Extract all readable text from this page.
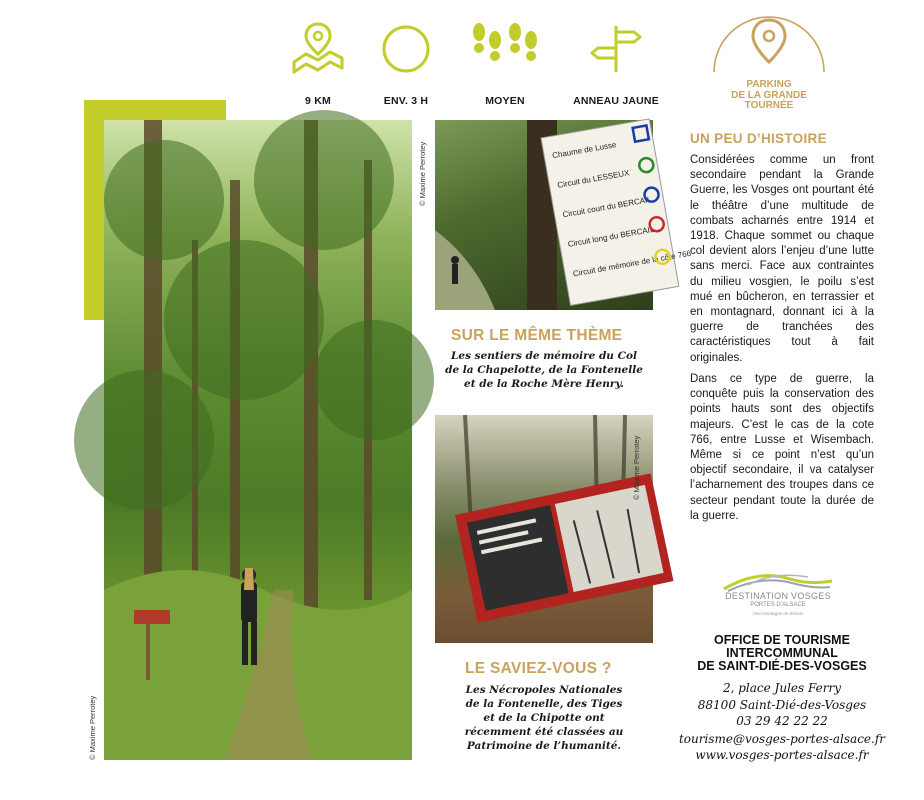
9 KM	ENV. 3 H	MOYEN	ANNEAU JAUNE
PARKING
DE LA GRANDE
TOURNÉE
© Maxime Perrotey
Chaume de Lusse
Circuit du LESSEUX
Circuit court du BERCAIL
Circuit long du BERCAIL
Circuit de mémoire de la côte 766
© Maxime Perrotey
SUR LE MÊME THÈME
Les sentiers de mémoire du Col
de la Chapelotte, de la Fontenelle
et de la Roche Mère Henry.
© Maxime Perrotey
LE SAVIEZ-VOUS ?
Les Nécropoles Nationales
de la Fontenelle, des Tiges
et de la Chipotte ont
récemment été classées au
Patrimoine de l’humanité.
UN PEU D’HISTOIRE

Considérées comme un front secondaire pendant la Grande Guerre, les Vosges ont pourtant été le théâtre d’une multitude de combats acharnés entre 1914 et 1918. Chaque sommet ou chaque col devient alors l’enjeu d’une lutte sans merci. Face aux contraintes du milieu vosgien, le poilu s’est mué en bûcheron, en terrassier et en montagnard, donnant ici à la guerre de tranchées des caractéristiques tout à fait originales.

Dans ce type de guerre, la conquête puis la conservation des points hauts sont des objectifs majeurs. C’est le cas de la cote 766, entre Lusse et Wisembach. Même si ce point n’est qu’un objectif secondaire, il va catalyser l’acharnement des troupes dans ce secteur pendant toute la durée de la guerre.

DESTINATION VOSGES
PORTES D’ALSACE
Une montagne de trésors
OFFICE DE TOURISME
INTERCOMMUNAL
DE SAINT-DIÉ-DES-VOSGES
2, place Jules Ferry
88100 Saint-Dié-des-Vosges
03 29 42 22 22
tourisme@vosges-portes-alsace.fr
www.vosges-portes-alsace.fr
